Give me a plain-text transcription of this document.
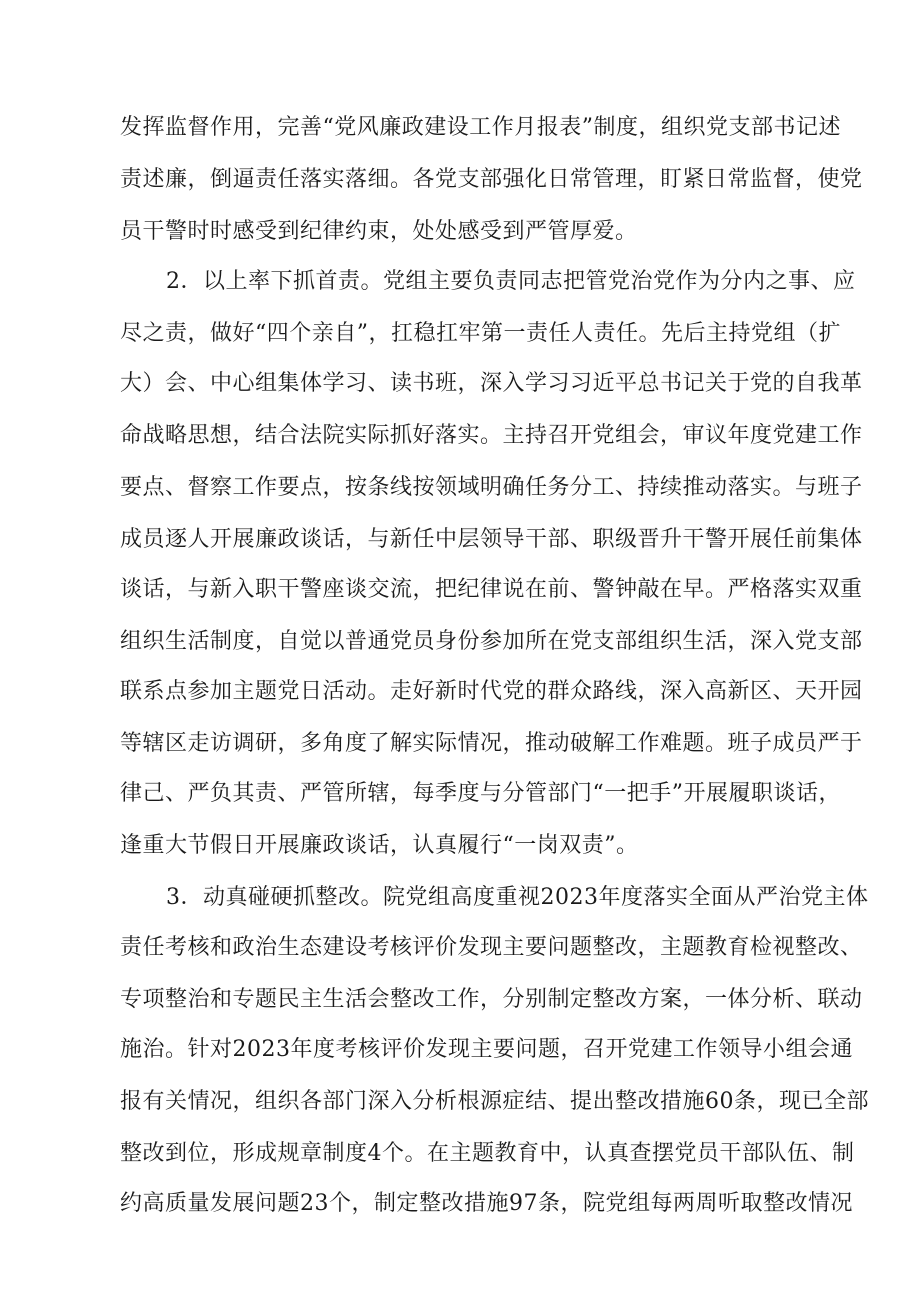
发挥监督作用，完善“党风廉政建设工作月报表”制度，组织党支部书记述

责述廉，倒逼责任落实落细。各党支部强化日常管理，盯紧日常监督，使党

员干警时时感受到纪律约束，处处感受到严管厚爱。

2．以上率下抓首责。党组主要负责同志把管党治党作为分内之事、应

尽之责，做好“四个亲自”，扛稳扛牢第一责任人责任。先后主持党组（扩

大）会、中心组集体学习、读书班，深入学习习近平总书记关于党的自我革

命战略思想，结合法院实际抓好落实。主持召开党组会，审议年度党建工作

要点、督察工作要点，按条线按领域明确任务分工、持续推动落实。与班子

成员逐人开展廉政谈话，与新任中层领导干部、职级晋升干警开展任前集体

谈话，与新入职干警座谈交流，把纪律说在前、警钟敲在早。严格落实双重

组织生活制度，自觉以普通党员身份参加所在党支部组织生活，深入党支部

联系点参加主题党日活动。走好新时代党的群众路线，深入高新区、天开园

等辖区走访调研，多角度了解实际情况，推动破解工作难题。班子成员严于

律己、严负其责、严管所辖，每季度与分管部门“一把手”开展履职谈话，

逢重大节假日开展廉政谈话，认真履行“一岗双责”。

3．动真碰硬抓整改。院党组高度重视2023年度落实全面从严治党主体

责任考核和政治生态建设考核评价发现主要问题整改，主题教育检视整改、

专项整治和专题民主生活会整改工作，分别制定整改方案，一体分析、联动

施治。针对2023年度考核评价发现主要问题，召开党建工作领导小组会通

报有关情况，组织各部门深入分析根源症结、提出整改措施60条，现已全部

整改到位，形成规章制度4个。在主题教育中，认真查摆党员干部队伍、制

约高质量发展问题23个，制定整改措施97条，院党组每两周听取整改情况
